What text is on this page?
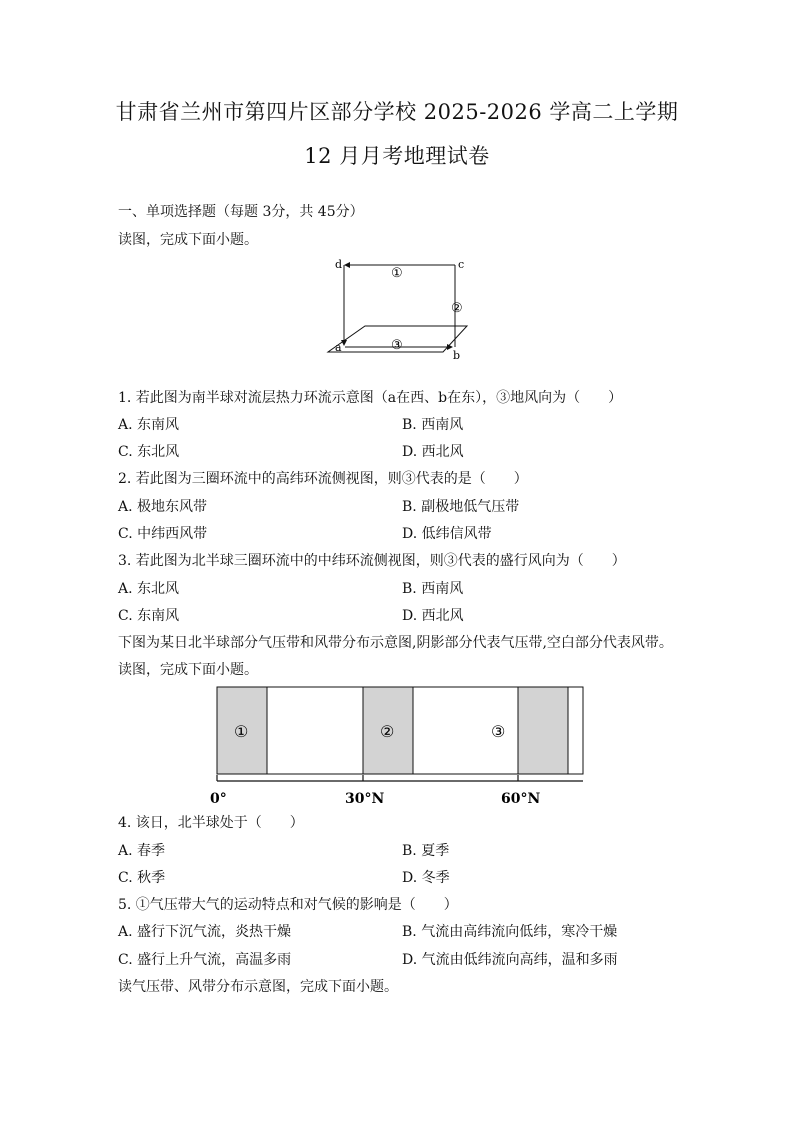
甘肃省兰州市第四片区部分学校 2025-2026 学高二上学期
12 月月考地理试卷
一、单项选择题（每题 3分，共 45分）
读图，完成下面小题。
d	c
a
b
①
②
③
1. 若此图为南半球对流层热力环流示意图（a在西、b在东），③地风向为（　　）
A. 东南风	B. 西南风
C. 东北风	D. 西北风
2. 若此图为三圈环流中的高纬环流侧视图，则③代表的是（　　）
A. 极地东风带	B. 副极地低气压带
C. 中纬西风带	D. 低纬信风带
3. 若此图为北半球三圈环流中的中纬环流侧视图，则③代表的盛行风向为（　　）
A. 东北风	B. 西南风
C. 东南风	D. 西北风
下图为某日北半球部分气压带和风带分布示意图,阴影部分代表气压带,空白部分代表风带。
读图，完成下面小题。
①	②	③
0°	30°N	60°N
4. 该日，北半球处于（　　）
A. 春季	B. 夏季
C. 秋季	D. 冬季
5. ①气压带大气的运动特点和对气候的影响是（　　）
A. 盛行下沉气流，炎热干燥	B. 气流由高纬流向低纬，寒冷干燥
C. 盛行上升气流，高温多雨	D. 气流由低纬流向高纬，温和多雨
读气压带、风带分布示意图，完成下面小题。
